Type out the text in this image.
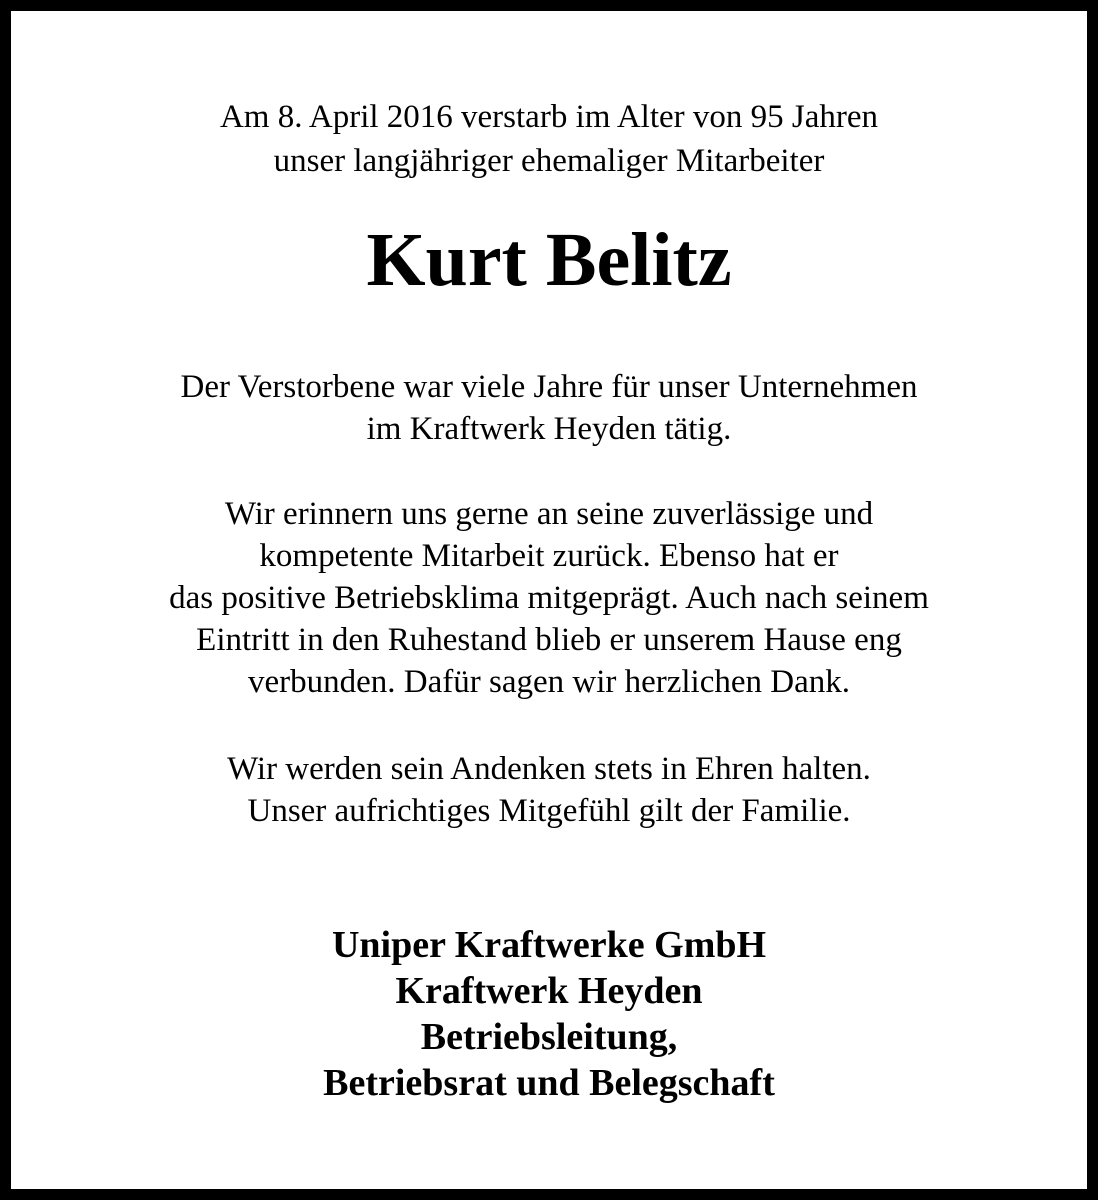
Am 8. April 2016 verstarb im Alter von 95 Jahren
unser langjähriger ehemaliger Mitarbeiter
Kurt Belitz
Der Verstorbene war viele Jahre für unser Unternehmen
im Kraftwerk Heyden tätig.
Wir erinnern uns gerne an seine zuverlässige und
kompetente Mitarbeit zurück. Ebenso hat er
das positive Betriebsklima mitgeprägt. Auch nach seinem
Eintritt in den Ruhestand blieb er unserem Hause eng
verbunden. Dafür sagen wir herzlichen Dank.
Wir werden sein Andenken stets in Ehren halten.
Unser aufrichtiges Mitgefühl gilt der Familie.
Uniper Kraftwerke GmbH
Kraftwerk Heyden
Betriebsleitung,
Betriebsrat und Belegschaft
